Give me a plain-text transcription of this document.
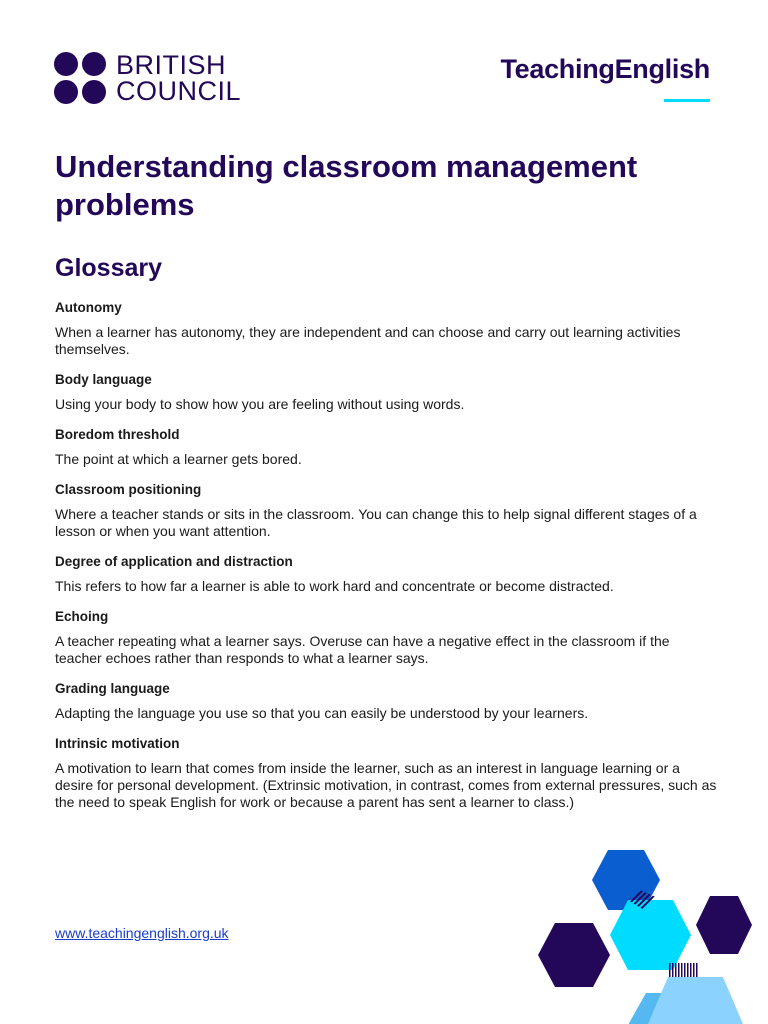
BRITISH
COUNCIL
TeachingEnglish
Understanding classroom management problems
Glossary

Autonomy

When a learner has autonomy, they are independent and can choose and carry out learning activities themselves.

Body language

Using your body to show how you are feeling without using words.

Boredom threshold

The point at which a learner gets bored.

Classroom positioning

Where a teacher stands or sits in the classroom. You can change this to help signal different stages of a lesson or when you want attention.

Degree of application and distraction

This refers to how far a learner is able to work hard and concentrate or become distracted.

Echoing

A teacher repeating what a learner says. Overuse can have a negative effect in the classroom if the teacher echoes rather than responds to what a learner says.

Grading language

Adapting the language you use so that you can easily be understood by your learners.

Intrinsic motivation

A motivation to learn that comes from inside the learner, such as an interest in language learning or a desire for personal development. (Extrinsic motivation, in contrast, comes from external pressures, such as the need to speak English for work or because a parent has sent a learner to class.)

www.teachingenglish.org.uk
